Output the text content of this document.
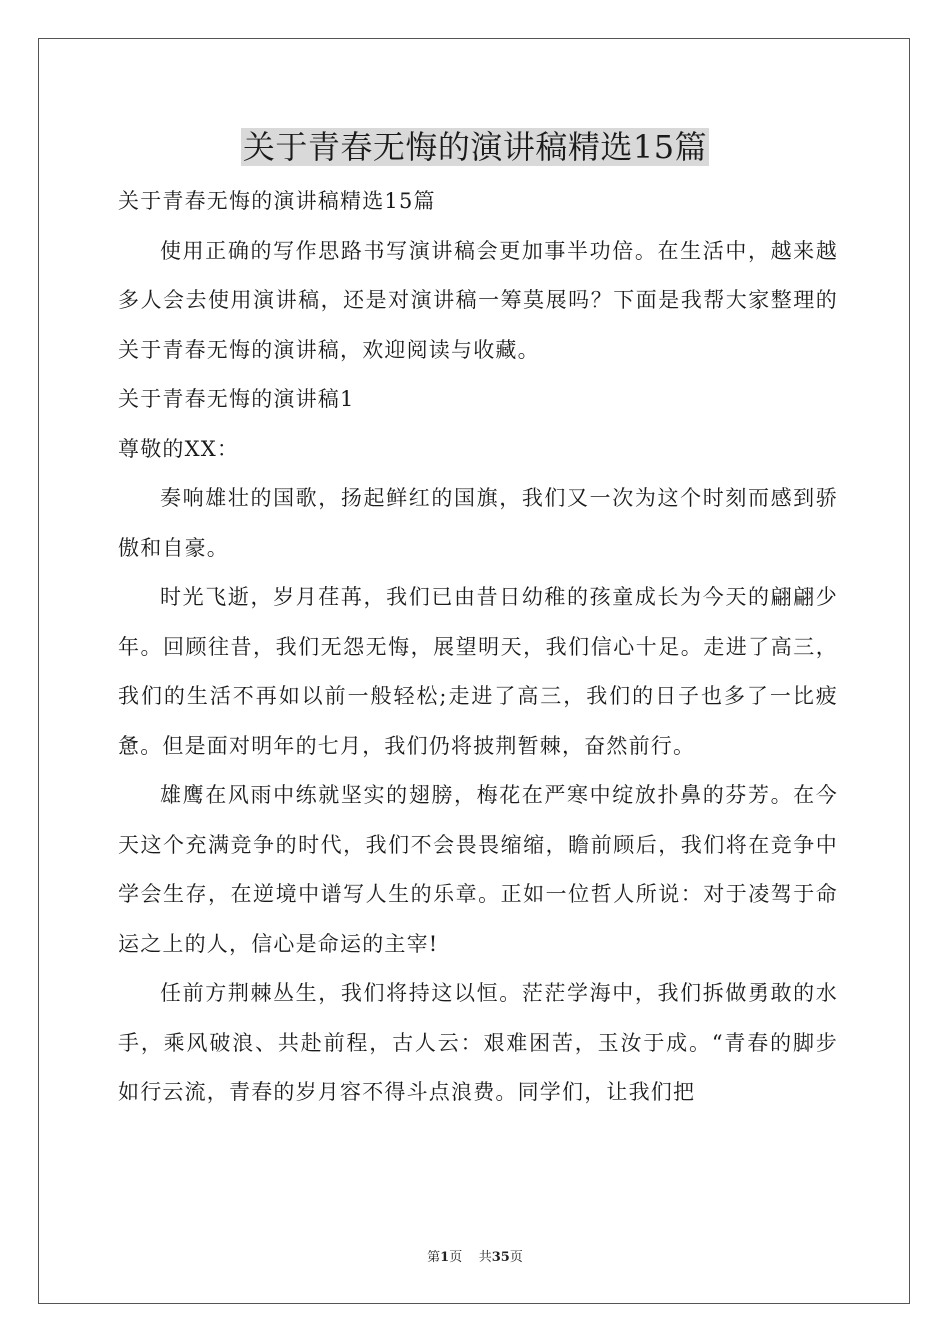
关于青春无悔的演讲稿精选15篇

关于青春无悔的演讲稿精选15篇

使用正确的写作思路书写演讲稿会更加事半功倍。在生活中，越来越多人会去使用演讲稿，还是对演讲稿一筹莫展吗？下面是我帮大家整理的关于青春无悔的演讲稿，欢迎阅读与收藏。

关于青春无悔的演讲稿1

尊敬的XX：

奏响雄壮的国歌，扬起鲜红的国旗，我们又一次为这个时刻而感到骄傲和自豪。

时光飞逝，岁月荏苒，我们已由昔日幼稚的孩童成长为今天的翩翩少年。回顾往昔，我们无怨无悔，展望明天，我们信心十足。走进了高三，我们的生活不再如以前一般轻松;走进了高三，我们的日子也多了一比疲惫。但是面对明年的七月，我们仍将披荆暂棘，奋然前行。

雄鹰在风雨中练就坚实的翅膀，梅花在严寒中绽放扑鼻的芬芳。在今天这个充满竞争的时代，我们不会畏畏缩缩，瞻前顾后，我们将在竞争中学会生存，在逆境中谱写人生的乐章。正如一位哲人所说：对于凌驾于命运之上的人，信心是命运的主宰!

任前方荆棘丛生，我们将持这以恒。茫茫学海中，我们拆做勇敢的水手，乘风破浪、共赴前程，古人云：艰难困苦，玉汝于成。“青春的脚步如行云流，青春的岁月容不得斗点浪费。同学们，让我们把

第1页 共35页
